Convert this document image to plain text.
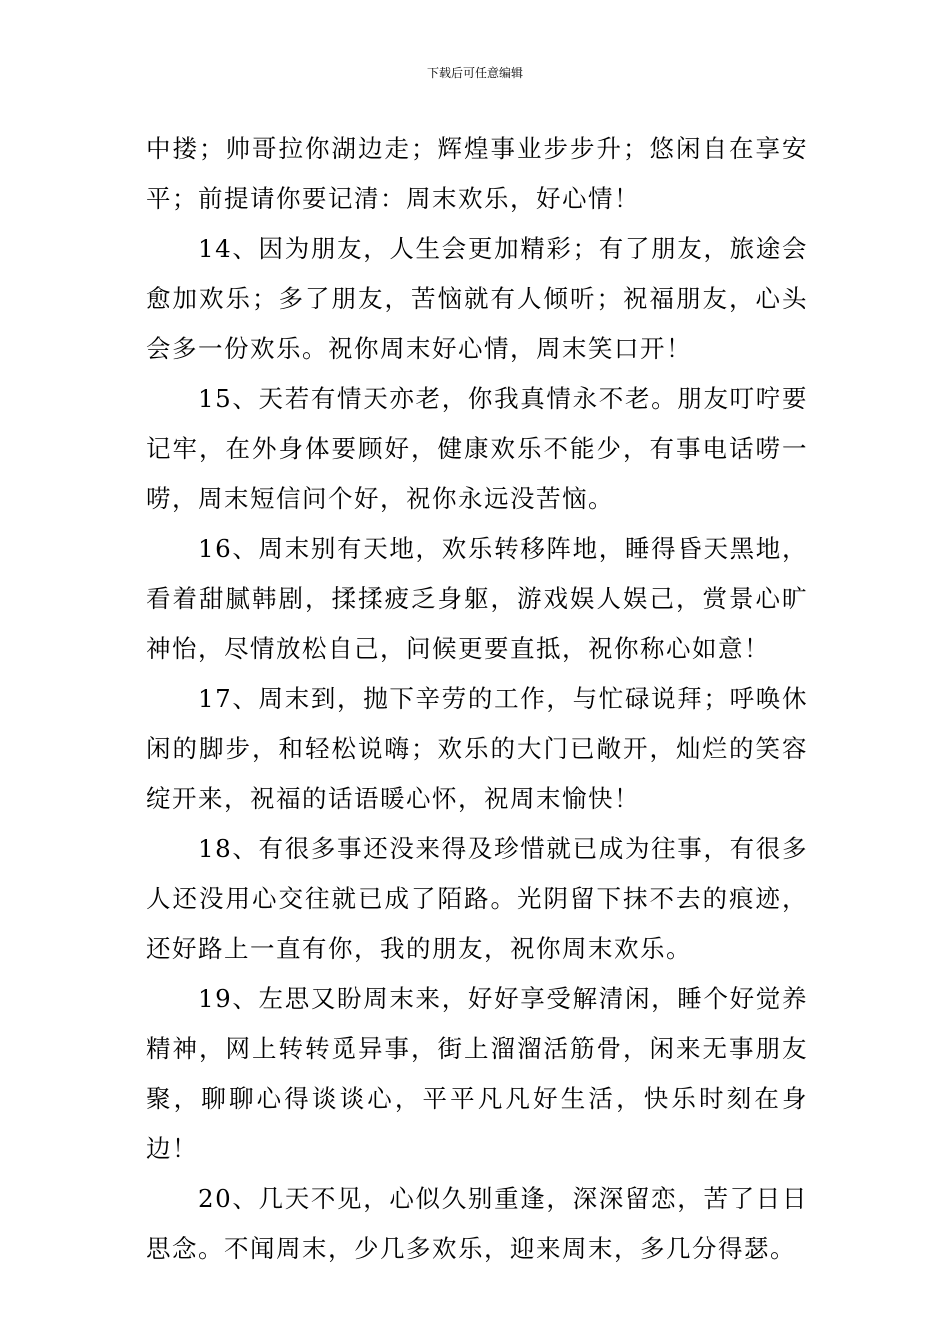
下载后可任意编辑

中搂；帅哥拉你湖边走；辉煌事业步步升；悠闲自在享安平；前提请你要记清：周末欢乐，好心情！

14、因为朋友，人生会更加精彩；有了朋友，旅途会愈加欢乐；多了朋友，苦恼就有人倾听；祝福朋友，心头会多一份欢乐。祝你周末好心情，周末笑口开！

15、天若有情天亦老，你我真情永不老。朋友叮咛要记牢，在外身体要顾好，健康欢乐不能少，有事电话唠一唠，周末短信问个好，祝你永远没苦恼。

16、周末别有天地，欢乐转移阵地，睡得昏天黑地，看着甜腻韩剧，揉揉疲乏身躯，游戏娱人娱己，赏景心旷神怡，尽情放松自己，问候更要直抵，祝你称心如意！

17、周末到，抛下辛劳的工作，与忙碌说拜；呼唤休闲的脚步，和轻松说嗨；欢乐的大门已敞开，灿烂的笑容绽开来，祝福的话语暖心怀，祝周末愉快！

18、有很多事还没来得及珍惜就已成为往事，有很多人还没用心交往就已成了陌路。光阴留下抹不去的痕迹，还好路上一直有你，我的朋友，祝你周末欢乐。

19、左思又盼周末来，好好享受解清闲，睡个好觉养精神，网上转转觅异事，街上溜溜活筋骨，闲来无事朋友聚，聊聊心得谈谈心，平平凡凡好生活，快乐时刻在身边！

20、几天不见，心似久别重逢，深深留恋，苦了日日思念。不闻周末，少几多欢乐，迎来周末，多几分得瑟。
